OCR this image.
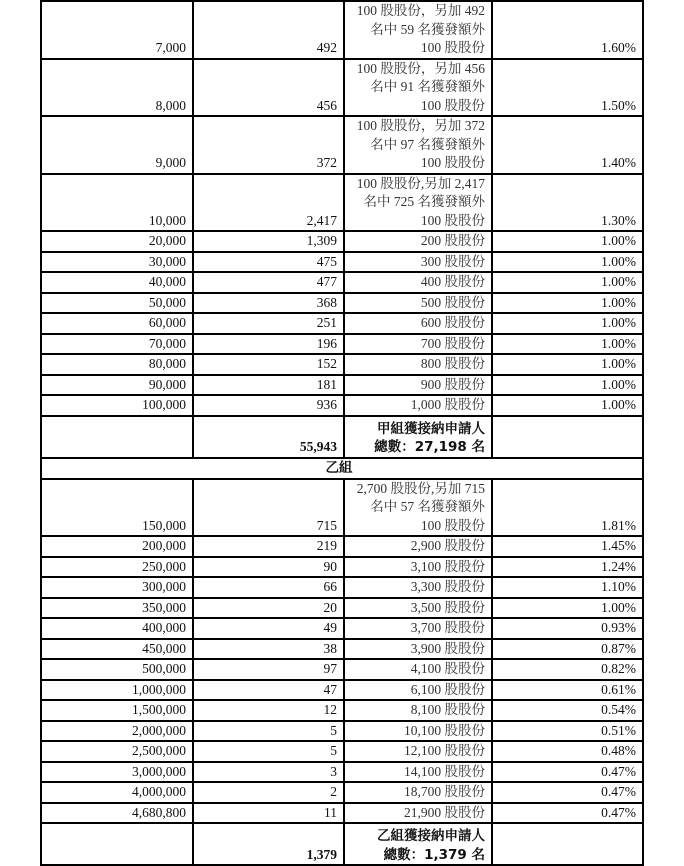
7,000	492	100 股股份，另加 492
名中 59 名獲發額外
100 股股份	1.60%
8,000	456	100 股股份，另加 456
名中 91 名獲發額外
100 股股份	1.50%
9,000	372	100 股股份，另加 372
名中 97 名獲發額外
100 股股份	1.40%
10,000	2,417	100 股股份,另加 2,417
名中 725 名獲發額外
100 股股份	1.30%
20,000	1,309	200 股股份	1.00%
30,000	475	300 股股份	1.00%
40,000	477	400 股股份	1.00%
50,000	368	500 股股份	1.00%
60,000	251	600 股股份	1.00%
70,000	196	700 股股份	1.00%
80,000	152	800 股股份	1.00%
90,000	181	900 股股份	1.00%
100,000	936	1,000 股股份	1.00%
	55,943	甲組獲接納申請人
總數：27,198 名	

乙組			
150,000	715	2,700 股股份,另加 715
名中 57 名獲發額外
100 股股份	1.81%
200,000	219	2,900 股股份	1.45%
250,000	90	3,100 股股份	1.24%
300,000	66	3,300 股股份	1.10%
350,000	20	3,500 股股份	1.00%
400,000	49	3,700 股股份	0.93%
450,000	38	3,900 股股份	0.87%
500,000	97	4,100 股股份	0.82%
1,000,000	47	6,100 股股份	0.61%
1,500,000	12	8,100 股股份	0.54%
2,000,000	5	10,100 股股份	0.51%
2,500,000	5	12,100 股股份	0.48%
3,000,000	3	14,100 股股份	0.47%
4,000,000	2	18,700 股股份	0.47%
4,680,800	11	21,900 股股份	0.47%
	1,379	乙組獲接納申請人
總數：1,379 名	
